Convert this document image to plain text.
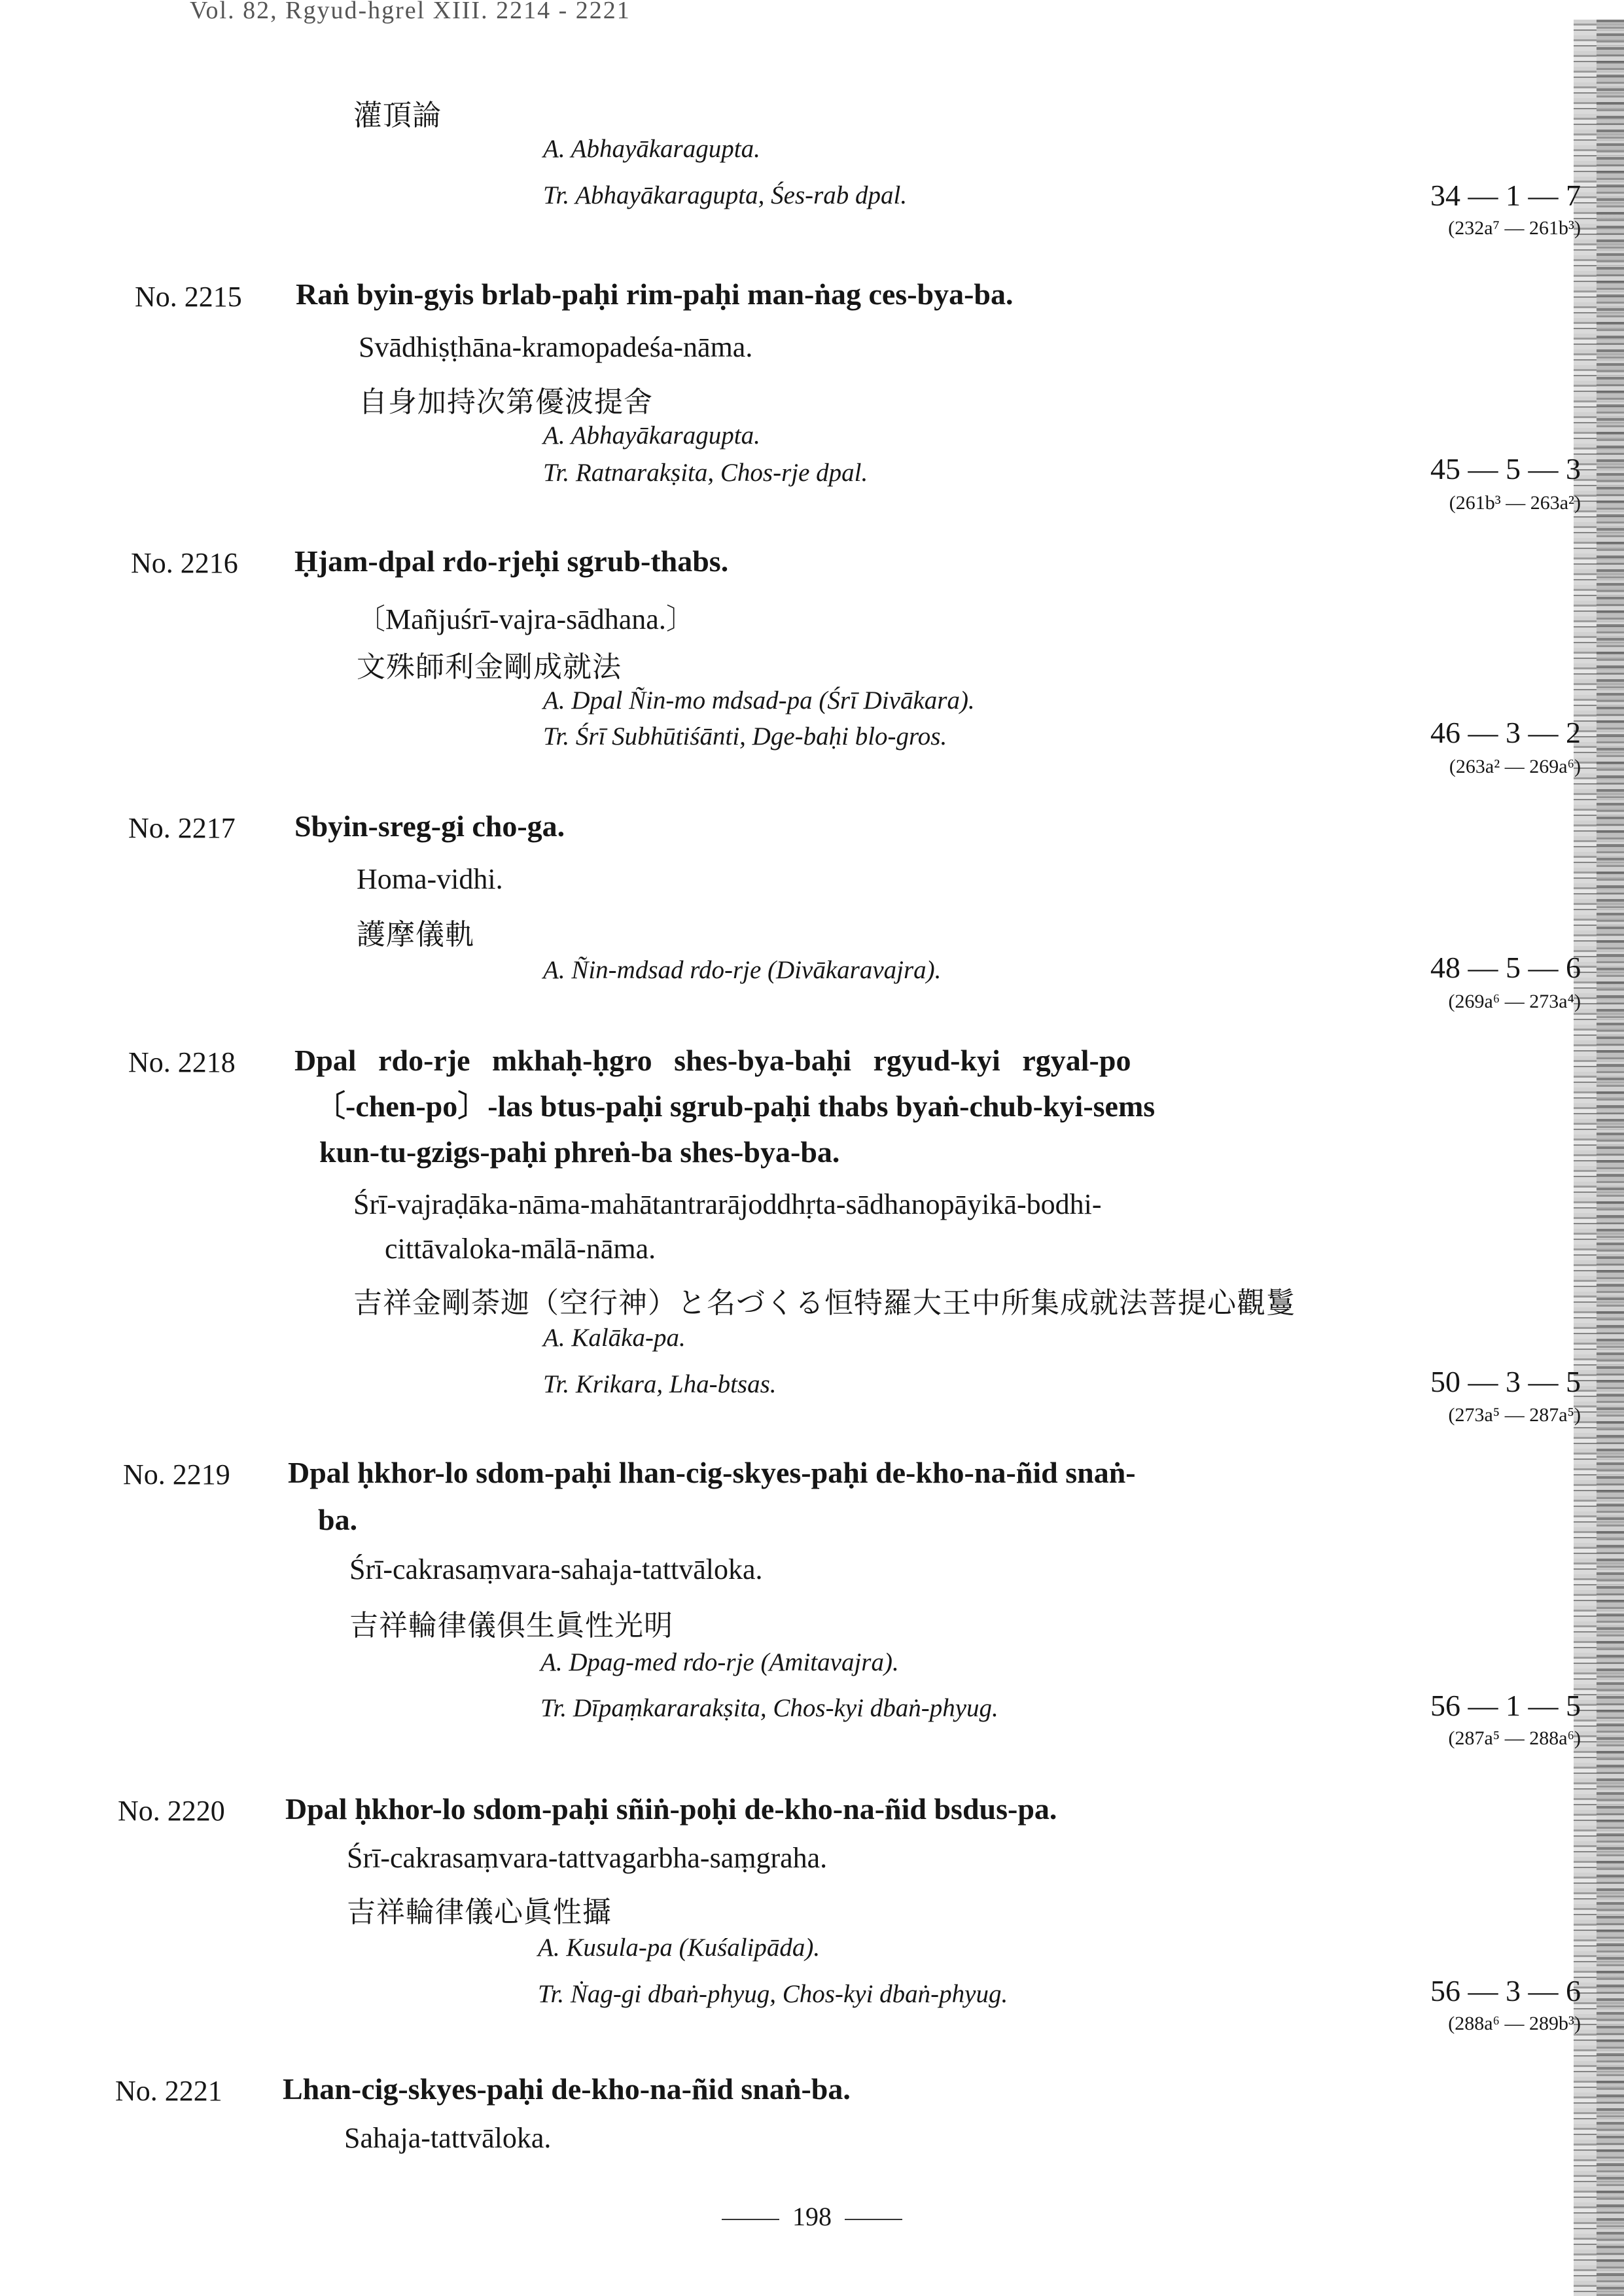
Vol. 82, Rgyud-hgrel XIII. 2214 - 2221
灌頂論
A. Abhayākaragupta.
Tr. Abhayākaragupta, Śes-rab dpal.	34 — 1 — 7
(232a⁷ — 261b³)
No. 2215 Raṅ byin-gyis brlab-paḥi rim-paḥi man-ṅag ces-bya-ba.
Svādhiṣṭhāna-kramopadeśa-nāma.
自身加持次第優波提舍
A. Abhayākaragupta.
Tr. Ratnarakṣita, Chos-rje dpal.	45 — 5 — 3
(261b³ — 263a²)
No. 2216 Ḥjam-dpal rdo-rjeḥi sgrub-thabs.
〔Mañjuśrī-vajra-sādhana.〕
文殊師利金剛成就法
A. Dpal Ñin-mo mdsad-pa (Śrī Divākara).
Tr. Śrī Subhūtiśānti, Dge-baḥi blo-gros.	46 — 3 — 2
(263a² — 269a⁶)
No. 2217 Sbyin-sreg-gi cho-ga.
Homa-vidhi.
護摩儀軌
A. Ñin-mdsad rdo-rje (Divākaravajra).	48 — 5 — 6
(269a⁶ — 273a⁴)
No. 2218 Dpal rdo-rje mkhaḥ-ḥgro shes-bya-baḥi rgyud-kyi rgyal-po
〔-chen-po〕-las btus-paḥi sgrub-paḥi thabs byaṅ-chub-kyi-sems
kun-tu-gzigs-paḥi phreṅ-ba shes-bya-ba.
Śrī-vajraḍāka-nāma-mahātantrarājoddhṛta-sādhanopāyikā-bodhi-
cittāvaloka-mālā-nāma.
吉祥金剛荼迦（空行神）と名づくる恒特羅大王中所集成就法菩提心觀鬘
A. Kalāka-pa.
Tr. Krikara, Lha-btsas.	50 — 3 — 5
(273a⁵ — 287a⁵)
No. 2219 Dpal ḥkhor-lo sdom-paḥi lhan-cig-skyes-paḥi de-kho-na-ñid snaṅ-
ba.
Śrī-cakrasaṃvara-sahaja-tattvāloka.
吉祥輪律儀俱生眞性光明
A. Dpag-med rdo-rje (Amitavajra).
Tr. Dīpaṃkararakṣita, Chos-kyi dbaṅ-phyug.	56 — 1 — 5
(287a⁵ — 288a⁶)
No. 2220 Dpal ḥkhor-lo sdom-paḥi sñiṅ-poḥi de-kho-na-ñid bsdus-pa.
Śrī-cakrasaṃvara-tattvagarbha-saṃgraha.
吉祥輪律儀心眞性攝
A. Kusula-pa (Kuśalipāda).
Tr. Ṅag-gi dbaṅ-phyug, Chos-kyi dbaṅ-phyug.	56 — 3 — 6
(288a⁶ — 289b³)
No. 2221 Lhan-cig-skyes-paḥi de-kho-na-ñid snaṅ-ba.
Sahaja-tattvāloka.
198
